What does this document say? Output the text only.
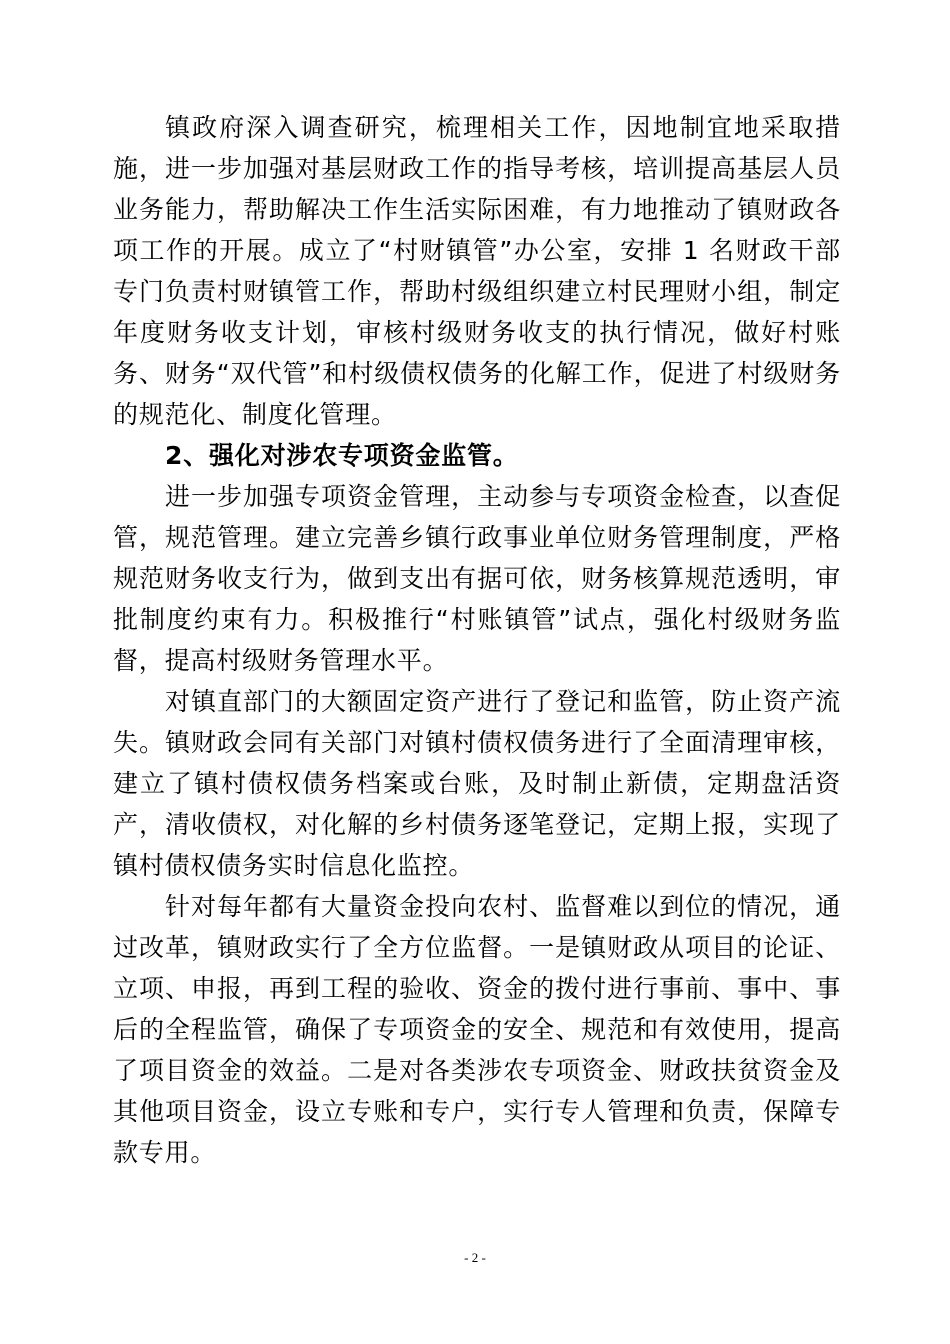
镇政府深入调查研究，梳理相关工作，因地制宜地采取措施，进一步加强对基层财政工作的指导考核，培训提高基层人员业务能力，帮助解决工作生活实际困难，有力地推动了镇财政各项工作的开展。成立了“村财镇管”办公室，安排 1 名财政干部专门负责村财镇管工作，帮助村级组织建立村民理财小组，制定年度财务收支计划，审核村级财务收支的执行情况，做好村账务、财务“双代管”和村级债权债务的化解工作，促进了村级财务的规范化、制度化管理。

2、强化对涉农专项资金监管。

进一步加强专项资金管理，主动参与专项资金检查，以查促管，规范管理。建立完善乡镇行政事业单位财务管理制度，严格规范财务收支行为，做到支出有据可依，财务核算规范透明，审批制度约束有力。积极推行“村账镇管”试点，强化村级财务监督，提高村级财务管理水平。

对镇直部门的大额固定资产进行了登记和监管，防止资产流失。镇财政会同有关部门对镇村债权债务进行了全面清理审核，建立了镇村债权债务档案或台账，及时制止新债，定期盘活资产，清收债权，对化解的乡村债务逐笔登记，定期上报，实现了镇村债权债务实时信息化监控。

针对每年都有大量资金投向农村、监督难以到位的情况，通过改革，镇财政实行了全方位监督。一是镇财政从项目的论证、立项、申报，再到工程的验收、资金的拨付进行事前、事中、事后的全程监管，确保了专项资金的安全、规范和有效使用，提高了项目资金的效益。二是对各类涉农专项资金、财政扶贫资金及其他项目资金，设立专账和专户，实行专人管理和负责，保障专款专用。

- 2 -
